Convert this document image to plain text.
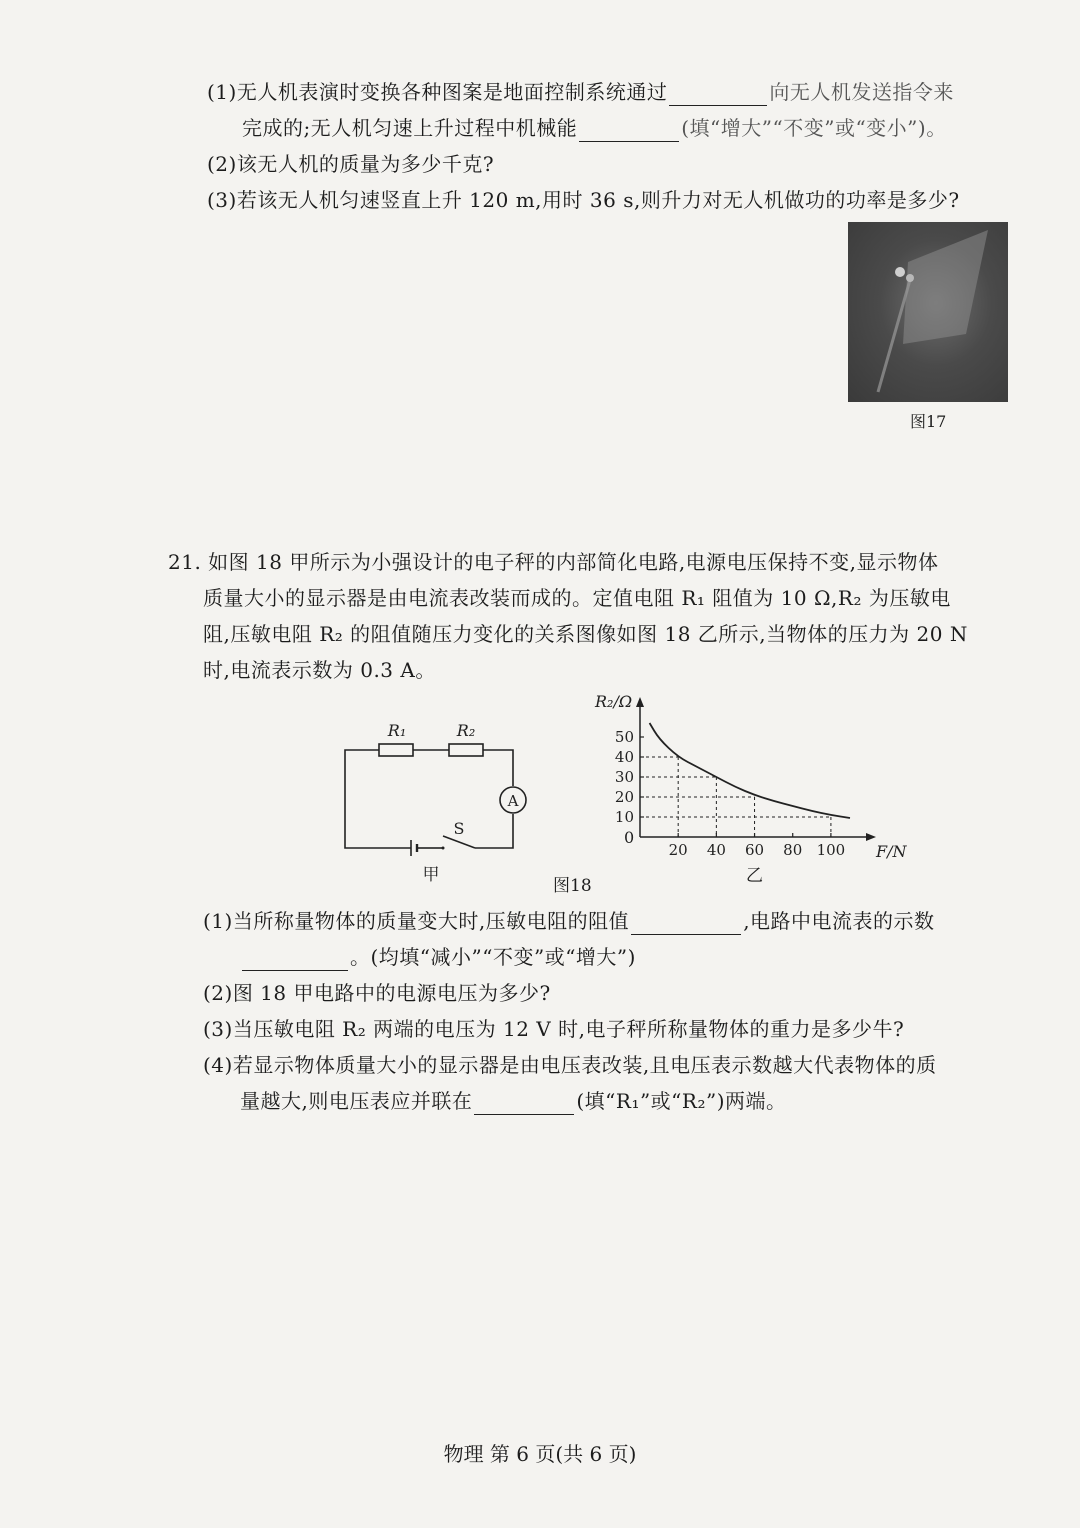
(1)无人机表演时变换各种图案是地面控制系统通过	向无人机发送指令来
完成的;无人机匀速上升过程中机械能	(填“增大”“不变”或“变小”)。
(2)该无人机的质量为多少千克?
(3)若该无人机匀速竖直上升 120 m,用时 36 s,则升力对无人机做功的功率是多少?
图17
21. 如图 18 甲所示为小强设计的电子秤的内部简化电路,电源电压保持不变,显示物体
质量大小的显示器是由电流表改装而成的。定值电阻 R₁ 阻值为 10 Ω,R₂ 为压敏电
阻,压敏电阻 R₂ 的阻值随压力变化的关系图像如图 18 乙所示,当物体的压力为 20 N
时,电流表示数为 0.3 A。
A
R₁	R₂
S
甲
20 40 60 80 100
10
20
30
40
50
R₂/Ω
F/N
0
乙
图18
(1)当所称量物体的质量变大时,压敏电阻的阻值	,电路中电流表的示数
。(均填“减小”“不变”或“增大”)
(2)图 18 甲电路中的电源电压为多少?
(3)当压敏电阻 R₂ 两端的电压为 12 V 时,电子秤所称量物体的重力是多少牛?
(4)若显示物体质量大小的显示器是由电压表改装,且电压表示数越大代表物体的质
量越大,则电压表应并联在	(填“R₁”或“R₂”)两端。
物理 第 6 页(共 6 页)
